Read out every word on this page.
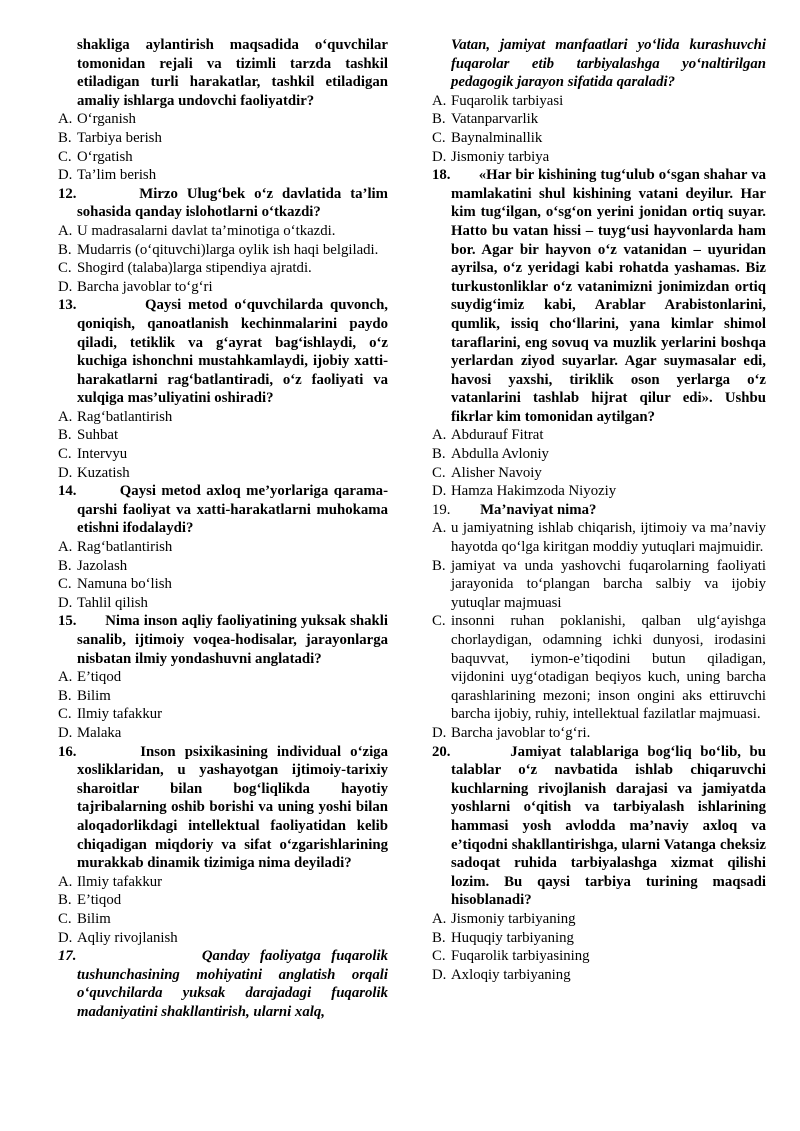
shakliga aylantirish maqsadida o‘quvchilar tomonidan rejali va tizimli tarzda tashkil etiladigan turli harakatlar, tashkil etiladigan amaliy ishlarga undovchi faoliyatdir?

A. O‘rganish

B. Tarbiya berish

C. O‘rgatish

D. Ta’lim berish

12.	Mirzo Ulug‘bek o‘z davlatida ta’lim sohasida qanday islohotlarni o‘tkazdi?

A. U madrasalarni davlat ta’minotiga o‘tkazdi.

B. Mudarris (o‘qituvchi)larga oylik ish haqi belgiladi.

C. Shogird (talaba)larga stipendiya ajratdi.

D. Barcha javoblar to‘g‘ri

13.	Qaysi metod o‘quvchilarda quvonch, qoniqish, qanoatlanish kechinmalarini paydo qiladi, tetiklik va g‘ayrat bag‘ishlaydi, o‘z kuchiga ishonchni mustahkamlaydi, ijobiy xatti-harakatlarni rag‘batlantiradi, o‘z faoliyati va xulqiga mas’uliyatini oshiradi?

A. Rag‘batlantirish

B. Suhbat

C. Intervyu

D. Kuzatish

14.	Qaysi metod axloq me’yorlariga qarama-qarshi faoliyat va xatti-harakatlarni muhokama etishni ifodalaydi?

A. Rag‘batlantirish

B. Jazolash

C. Namuna bo‘lish

D. Tahlil qilish

15. Nima inson aqliy faoliyatining yuksak shakli sanalib, ijtimoiy voqea-hodisalar, jarayonlarga nisbatan ilmiy yondashuvni anglatadi?

A. E’tiqod

B. Bilim

C. Ilmiy tafakkur

D. Malaka

16.	Inson psixikasining individual o‘ziga xosliklaridan, u yashayotgan ijtimoiy-tarixiy sharoitlar bilan bog‘liqlikda hayotiy tajribalarning oshib borishi va uning yoshi bilan aloqadorlikdagi intellektual faoliyatidan kelib chiqadigan miqdoriy va sifat o‘zgarishlarining murakkab dinamik tizimiga nima deyiladi?

A. Ilmiy tafakkur

B. E’tiqod

C. Bilim

D. Aqliy rivojlanish

17.	Qanday faoliyatga fuqarolik tushunchasining mohiyatini anglatish orqali o‘quvchilarda yuksak darajadagi fuqarolik madaniyatini shakllantirish, ularni xalq,

Vatan, jamiyat manfaatlari yo‘lida kurashuvchi fuqarolar etib tarbiyalashga yo‘naltirilgan pedagogik jarayon sifatida qaraladi?

A. Fuqarolik tarbiyasi

B. Vatanparvarlik

C. Baynalminallik

D. Jismoniy tarbiya

18. «Har bir kishining tug‘ulub o‘sgan shahar va mamlakatini shul kishining vatani deyilur. Har kim tug‘ilgan, o‘sg‘on yerini jonidan ortiq suyar. Hatto bu vatan hissi – tuyg‘usi hayvonlarda ham bor. Agar bir hayvon o‘z vatanidan – uyuridan ayrilsa, o‘z yeridagi kabi rohatda yashamas. Biz turkustonliklar o‘z vatanimizni jonimizdan ortiq suydig‘imiz kabi, Arablar Arabistonlarini, qumlik, issiq cho‘llarini, yana kimlar shimol taraflarini, eng sovuq va muzlik yerlarini boshqa yerlardan ziyod suyarlar. Agar suymasalar edi, havosi yaxshi, tiriklik oson yerlarga o‘z vatanlarini tashlab hijrat qilur edi». Ushbu fikrlar kim tomonidan aytilgan?

A. Abdurauf Fitrat

B. Abdulla Avloniy

C. Alisher Navoiy

D. Hamza Hakimzoda Niyoziy

19. Ma’naviyat nima?

A. u jamiyatning ishlab chiqarish, ijtimoiy va ma’naviy hayotda qo‘lga kiritgan moddiy yutuqlari majmuidir.

B. jamiyat va unda yashovchi fuqarolarning faoliyati jarayonida to‘plangan barcha salbiy va ijobiy yutuqlar majmuasi

C. insonni ruhan poklanishi, qalban ulg‘ayishga chorlaydigan, odamning ichki dunyosi, irodasini baquvvat, iymon-e’tiqodini butun qiladigan, vijdonini uyg‘otadigan beqiyos kuch, uning barcha qarashlarining mezoni; inson ongini aks ettiruvchi barcha ijobiy, ruhiy, intellektual fazilatlar majmuasi.

D. Barcha javoblar to‘g‘ri.

20.	Jamiyat talablariga bog‘liq bo‘lib, bu talablar o‘z navbatida ishlab chiqaruvchi kuchlarning rivojlanish darajasi va jamiyatda yoshlarni o‘qitish va tarbiyalash ishlarining hammasi yosh avlodda ma’naviy axloq va e’tiqodni shakllantirishga, ularni Vatanga cheksiz sadoqat ruhida tarbiyalashga xizmat qilishi lozim. Bu qaysi tarbiya turining maqsadi hisoblanadi?

A. Jismoniy tarbiyaning

B. Huquqiy tarbiyaning

C. Fuqarolik tarbiyasining

D. Axloqiy tarbiyaning
